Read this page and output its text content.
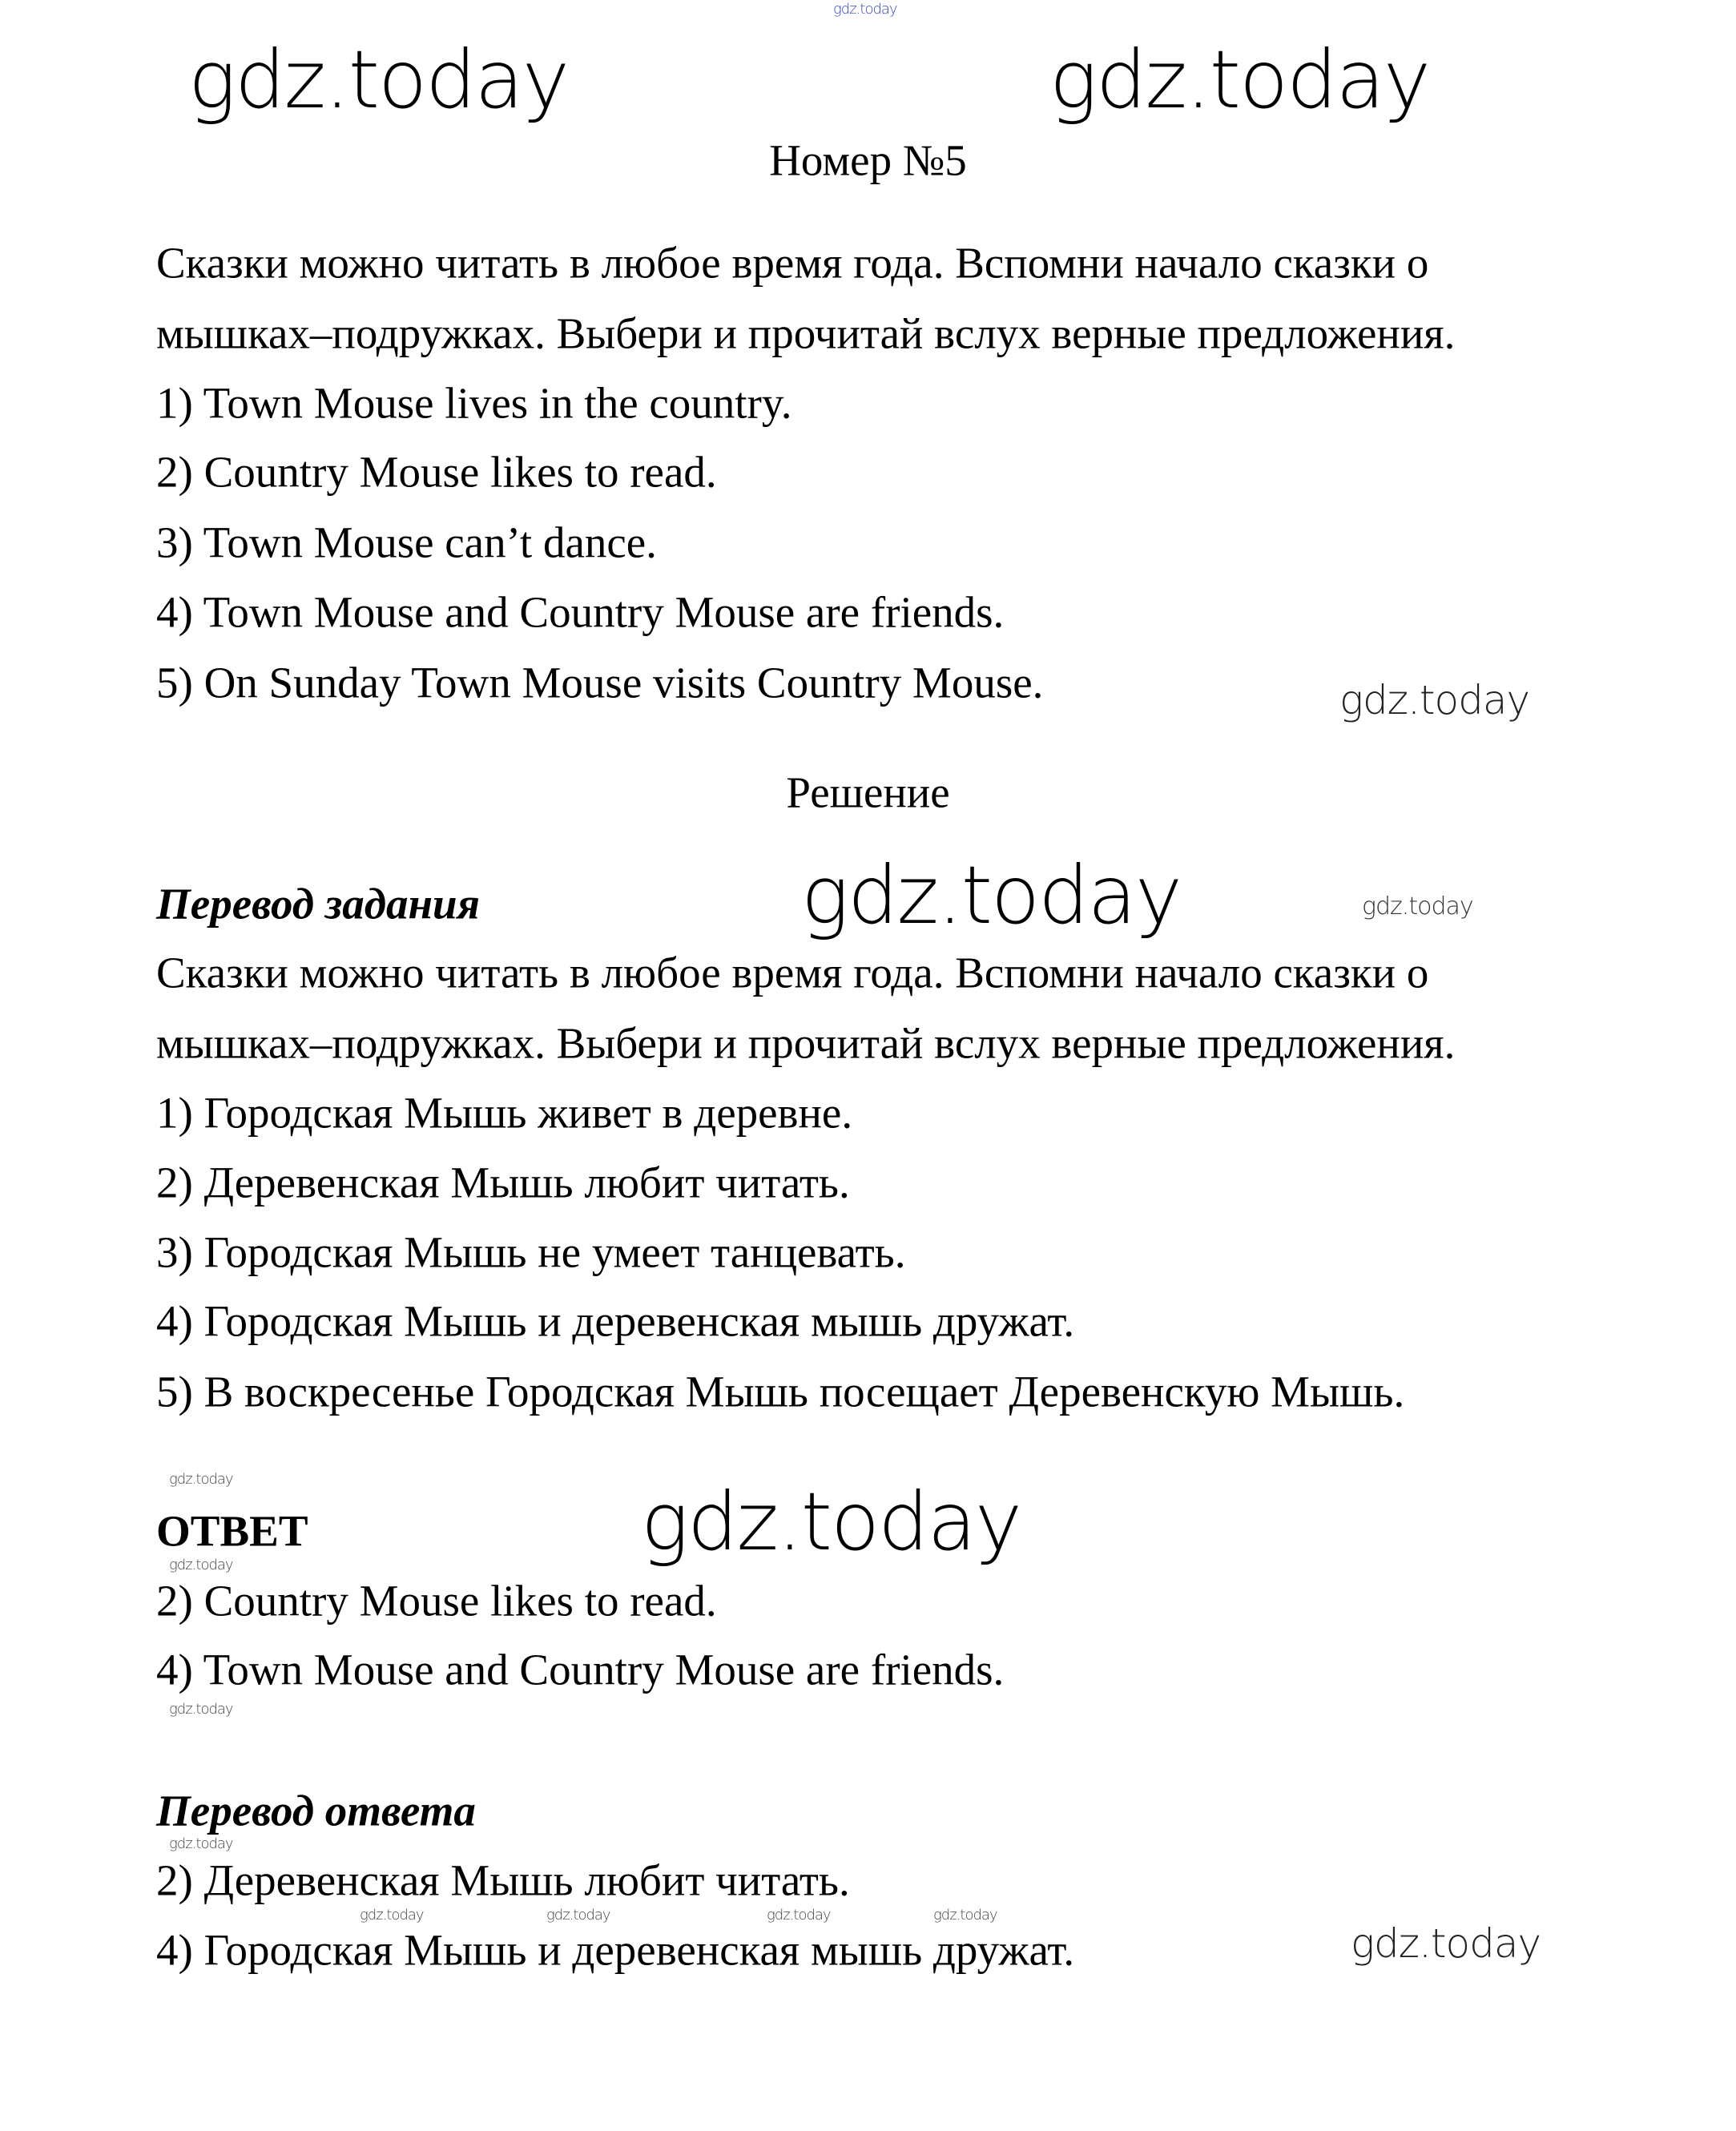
gdz.today
gdz.today	gdz.today
gdz.today
gdz.today	gdz.today
gdz.today
gdz.today
gdz.today
gdz.today
gdz.today
gdz.today	gdz.today	gdz.today	gdz.today
gdz.today
Номер №5
Сказки можно читать в любое время года. Вспомни начало сказки о
мышках–подружках. Выбери и прочитай вслух верные предложения.
1) Town Mouse lives in the country.
2) Country Mouse likes to read.
3) Town Mouse can’t dance.
4) Town Mouse and Country Mouse are friends.
5) On Sunday Town Mouse visits Country Mouse.
Решение
Перевод задания
Сказки можно читать в любое время года. Вспомни начало сказки о
мышках–подружках. Выбери и прочитай вслух верные предложения.
1) Городская Мышь живет в деревне.
2) Деревенская Мышь любит читать.
3) Городская Мышь не умеет танцевать.
4) Городская Мышь и деревенская мышь дружат.
5) В воскресенье Городская Мышь посещает Деревенскую Мышь.
ОТВЕТ
2) Country Mouse likes to read.
4) Town Mouse and Country Mouse are friends.
Перевод ответа
2) Деревенская Мышь любит читать.
4) Городская Мышь и деревенская мышь дружат.
